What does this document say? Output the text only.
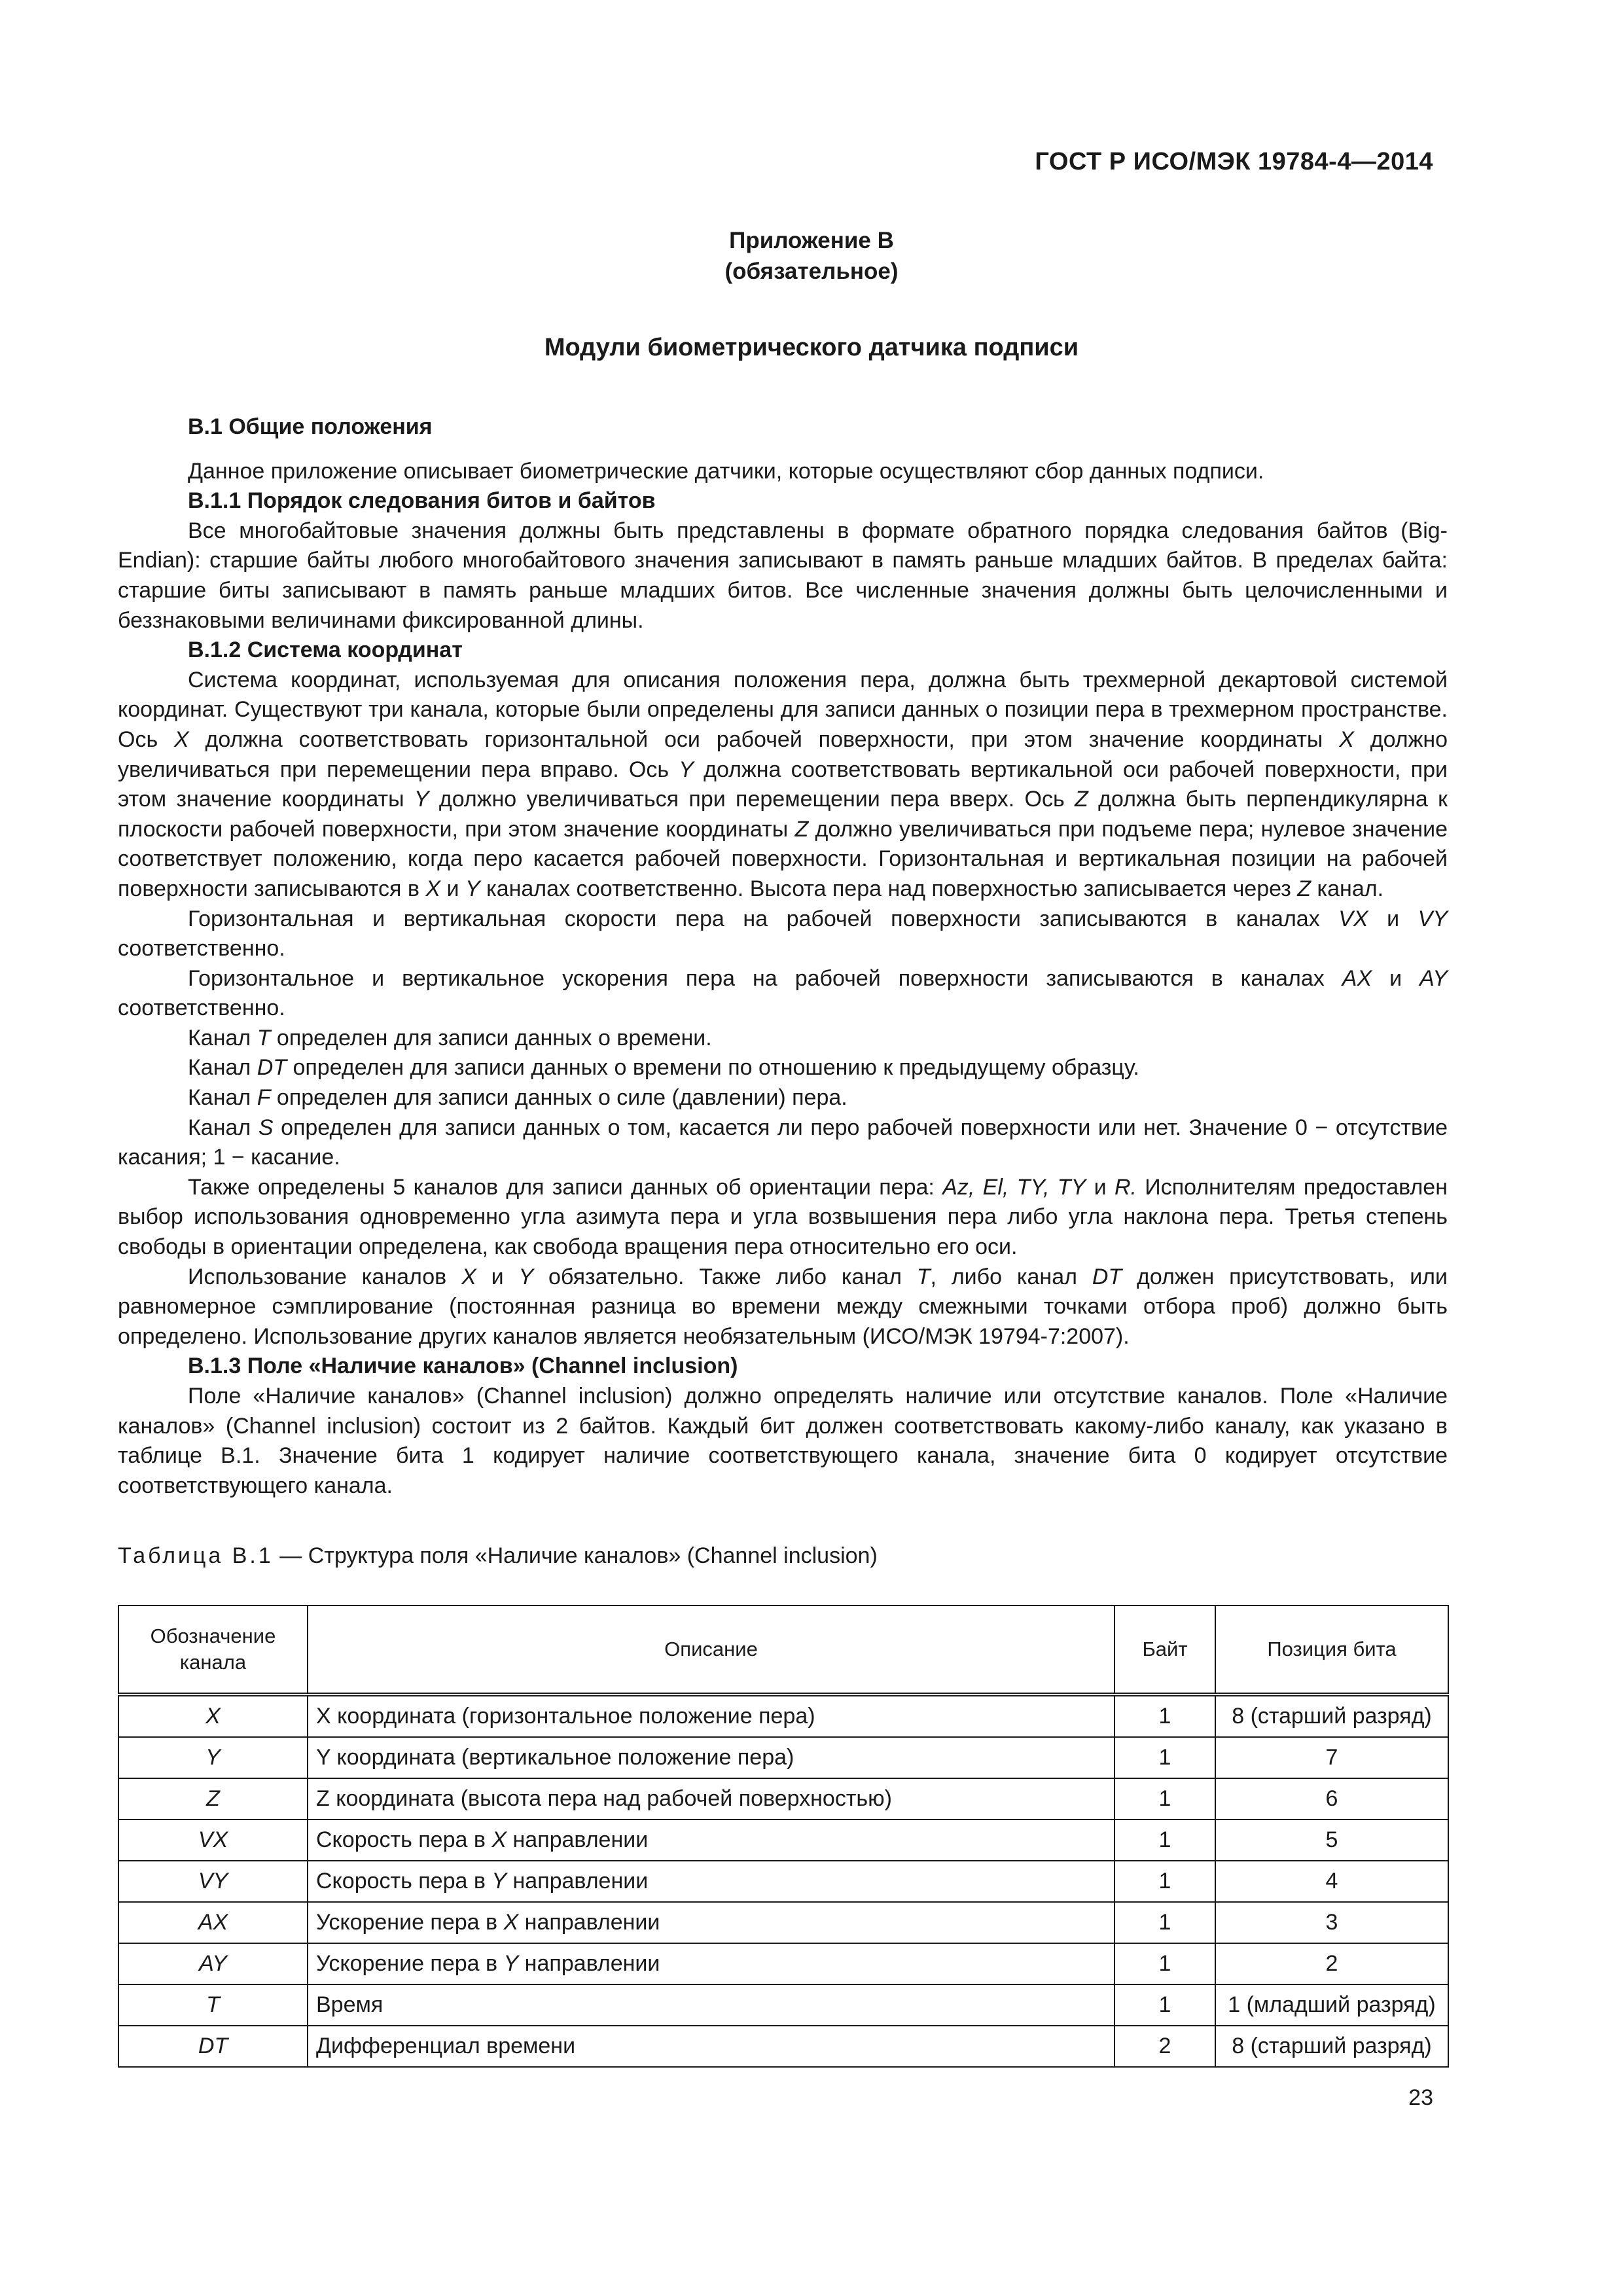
ГОСТ Р ИСО/МЭК 19784-4—2014
Приложение В
(обязательное)
Модули биометрического датчика подписи
В.1 Общие положения

Данное приложение описывает биометрические датчики, которые осуществляют сбор данных подписи.

В.1.1 Порядок следования битов и байтов

Все многобайтовые значения должны быть представлены в формате обратного порядка следования байтов (Big-Endian): старшие байты любого многобайтового значения записывают в память раньше младших байтов. В пределах байта: старшие биты записывают в память раньше младших битов. Все численные значения должны быть целочисленными и беззнаковыми величинами фиксированной длины.

В.1.2 Система координат

Система координат, используемая для описания положения пера, должна быть трехмерной декартовой системой координат. Существуют три канала, которые были определены для записи данных о позиции пера в трехмерном пространстве. Ось X должна соответствовать горизонтальной оси рабочей поверхности, при этом значение координаты X должно увеличиваться при перемещении пера вправо. Ось Y должна соответствовать вертикальной оси рабочей поверхности, при этом значение координаты Y должно увеличиваться при перемещении пера вверх. Ось Z должна быть перпендикулярна к плоскости рабочей поверхности, при этом значение координаты Z должно увеличиваться при подъеме пера; нулевое значение соответствует положению, когда перо касается рабочей поверхности. Горизонтальная и вертикальная позиции на рабочей поверхности записываются в X и Y каналах соответственно. Высота пера над поверхностью записывается через Z канал.

Горизонтальная и вертикальная скорости пера на рабочей поверхности записываются в каналах VX и VY соответственно.

Горизонтальное и вертикальное ускорения пера на рабочей поверхности записываются в каналах AX и AY соответственно.

Канал T определен для записи данных о времени.

Канал DT определен для записи данных о времени по отношению к предыдущему образцу.

Канал F определен для записи данных о силе (давлении) пера.

Канал S определен для записи данных о том, касается ли перо рабочей поверхности или нет. Значение 0 − отсутствие касания; 1 − касание.

Также определены 5 каналов для записи данных об ориентации пера: Az, El, TY, TY и R. Исполнителям предоставлен выбор использования одновременно угла азимута пера и угла возвышения пера либо угла наклона пера. Третья степень свободы в ориентации определена, как свобода вращения пера относительно его оси.

Использование каналов X и Y обязательно. Также либо канал T, либо канал DT должен присутствовать, или равномерное сэмплирование (постоянная разница во времени между смежными точками отбора проб) должно быть определено. Использование других каналов является необязательным (ИСО/МЭК 19794-7:2007).

В.1.3 Поле «Наличие каналов» (Channel inclusion)

Поле «Наличие каналов» (Channel inclusion) должно определять наличие или отсутствие каналов. Поле «Наличие каналов» (Channel inclusion) состоит из 2 байтов. Каждый бит должен соответствовать какому-либо каналу, как указано в таблице В.1. Значение бита 1 кодирует наличие соответствующего канала, значение бита 0 кодирует отсутствие соответствующего канала.

Таблица В.1 — Структура поля «Наличие каналов» (Channel inclusion)
Обозначение
канала	Описание	Байт	Позиция бита
X	X координата (горизонтальное положение пера)	1	8 (старший разряд)
Y	Y координата (вертикальное положение пера)	1	7
Z	Z координата (высота пера над рабочей поверхностью)	1	6
VX	Скорость пера в X направлении	1	5
VY	Скорость пера в Y направлении	1	4
AX	Ускорение пера в X направлении	1	3
AY	Ускорение пера в Y направлении	1	2
T	Время	1	1 (младший разряд)
DT	Дифференциал времени	2	8 (старший разряд)
23
